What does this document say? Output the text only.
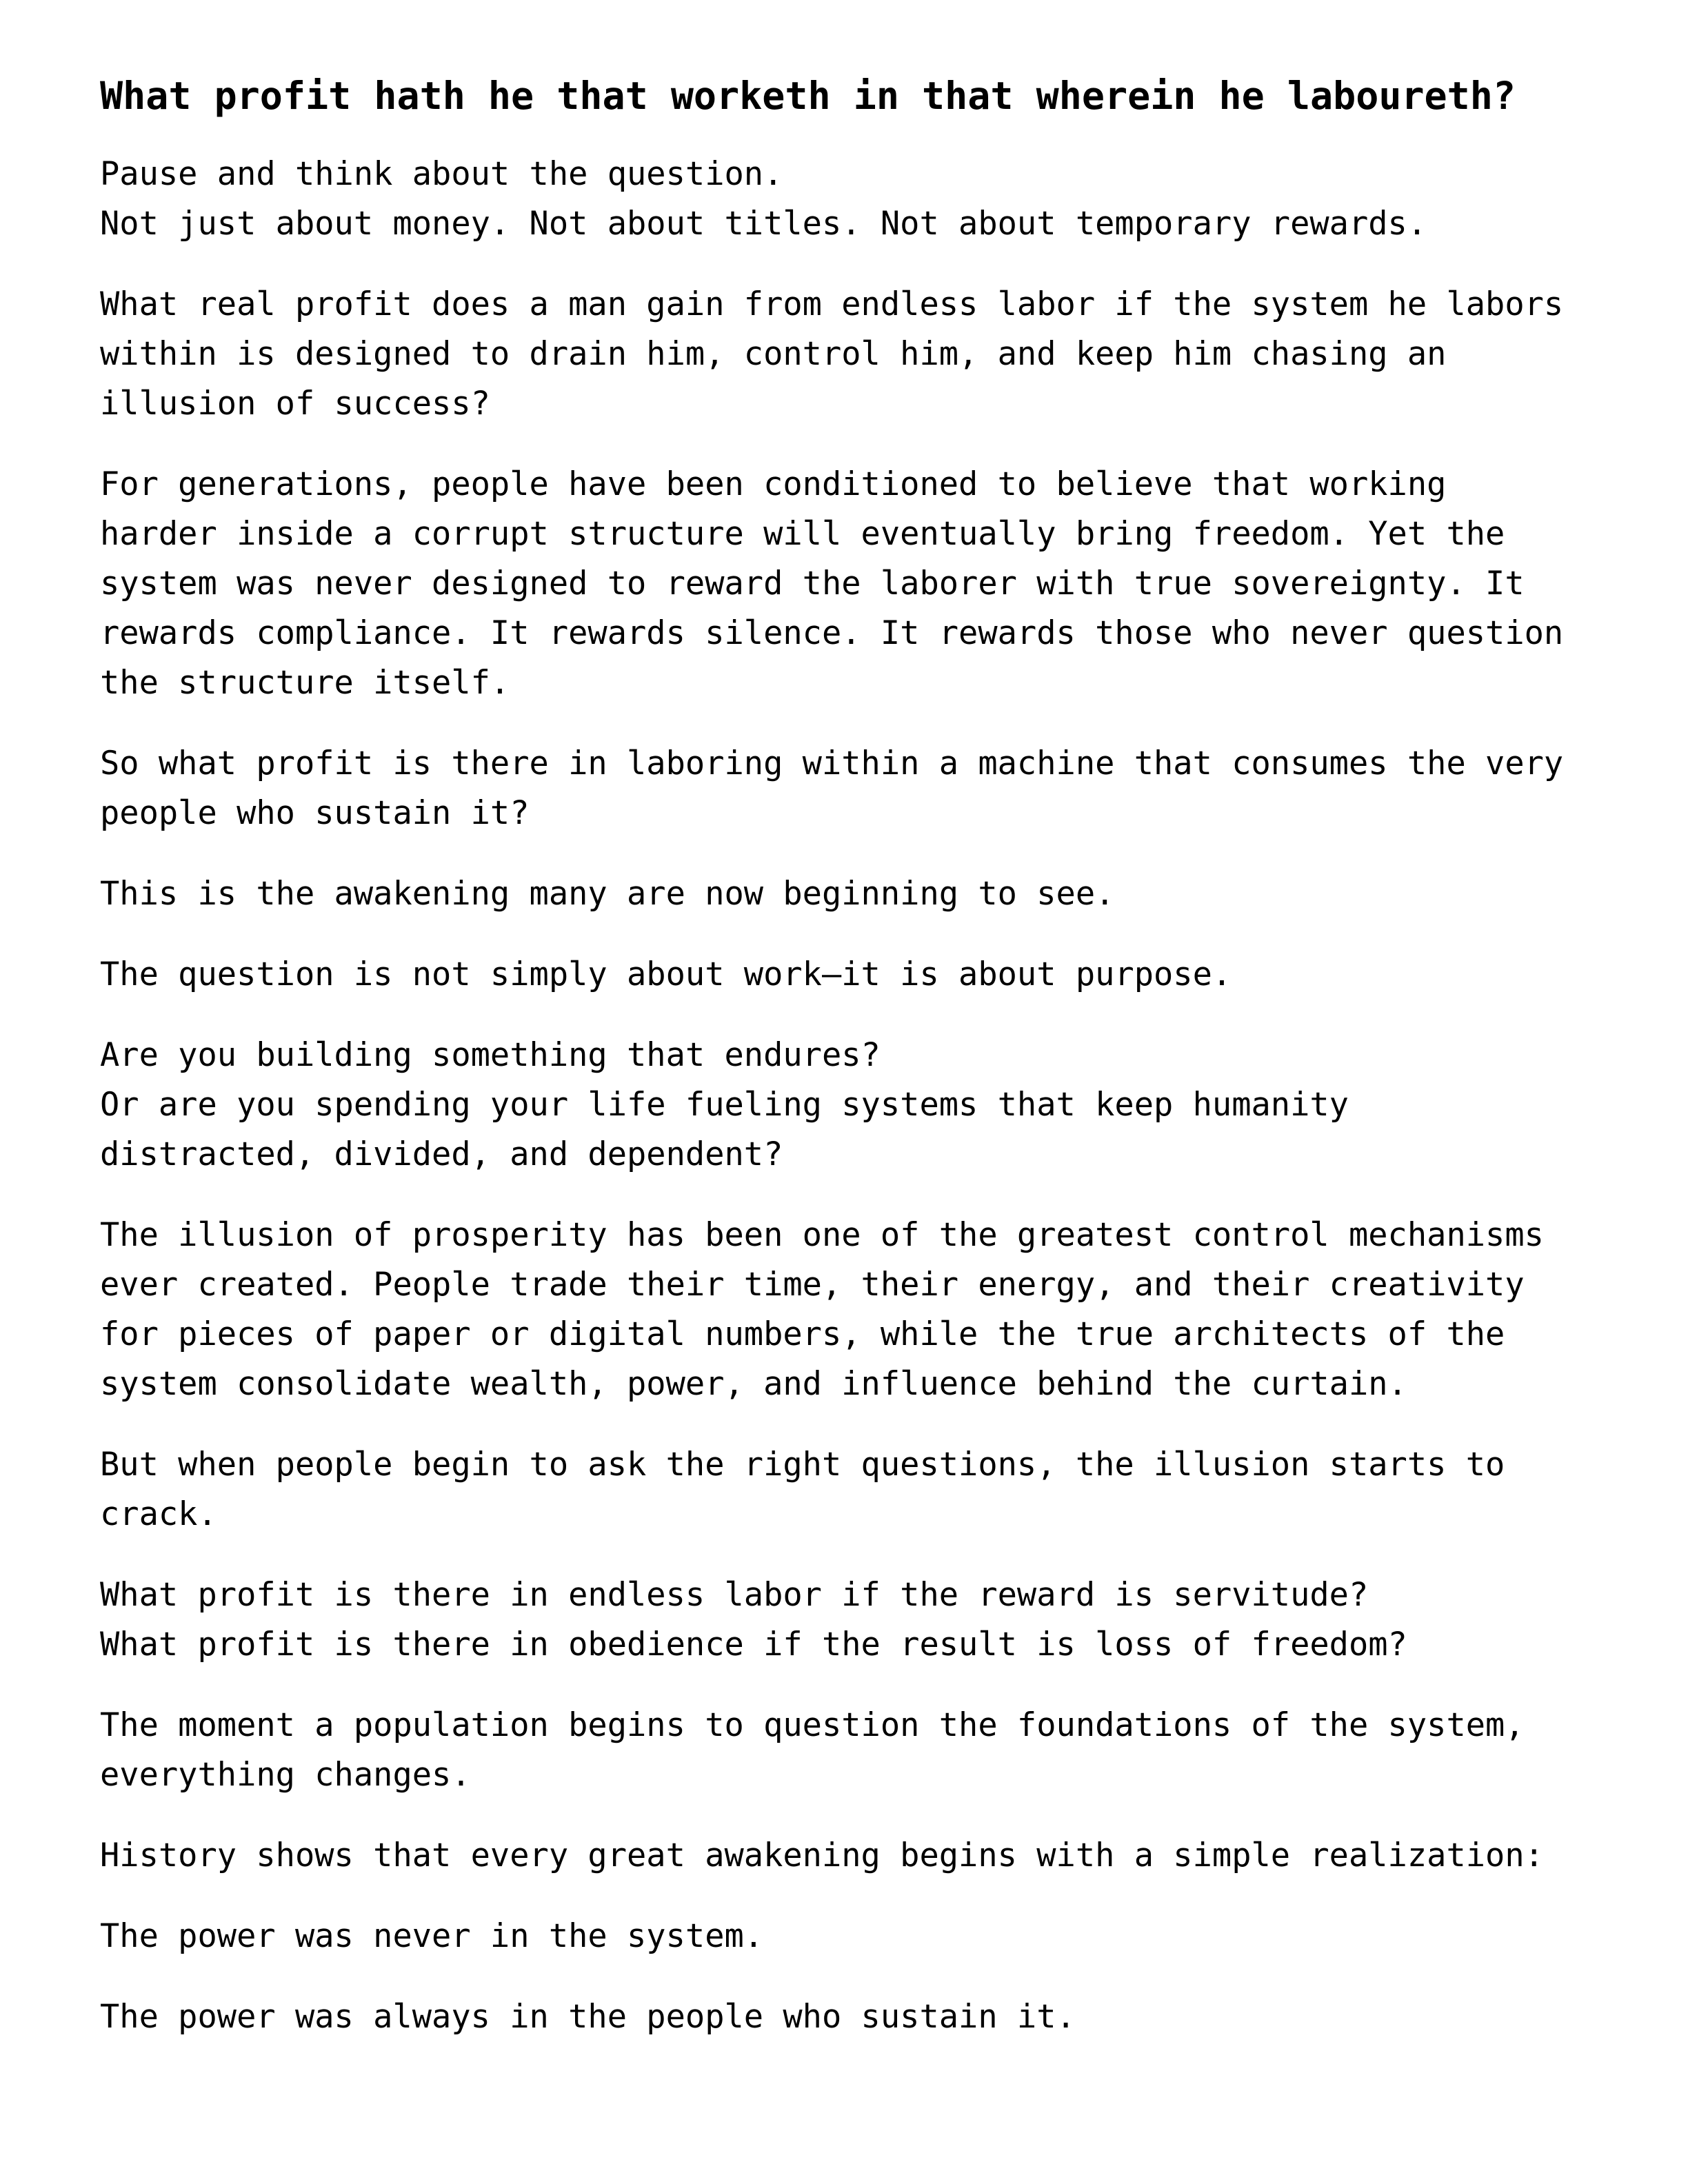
What profit hath he that worketh in that wherein he laboureth?

Pause and think about the question.
Not just about money. Not about titles. Not about temporary rewards.

What real profit does a man gain from endless labor if the system he labors
within is designed to drain him, control him, and keep him chasing an
illusion of success?

For generations, people have been conditioned to believe that working
harder inside a corrupt structure will eventually bring freedom. Yet the
system was never designed to reward the laborer with true sovereignty. It
rewards compliance. It rewards silence. It rewards those who never question
the structure itself.

So what profit is there in laboring within a machine that consumes the very
people who sustain it?

This is the awakening many are now beginning to see.

The question is not simply about work—it is about purpose.

Are you building something that endures?
Or are you spending your life fueling systems that keep humanity
distracted, divided, and dependent?

The illusion of prosperity has been one of the greatest control mechanisms
ever created. People trade their time, their energy, and their creativity
for pieces of paper or digital numbers, while the true architects of the
system consolidate wealth, power, and influence behind the curtain.

But when people begin to ask the right questions, the illusion starts to
crack.

What profit is there in endless labor if the reward is servitude?
What profit is there in obedience if the result is loss of freedom?

The moment a population begins to question the foundations of the system,
everything changes.

History shows that every great awakening begins with a simple realization:

The power was never in the system.

The power was always in the people who sustain it.
